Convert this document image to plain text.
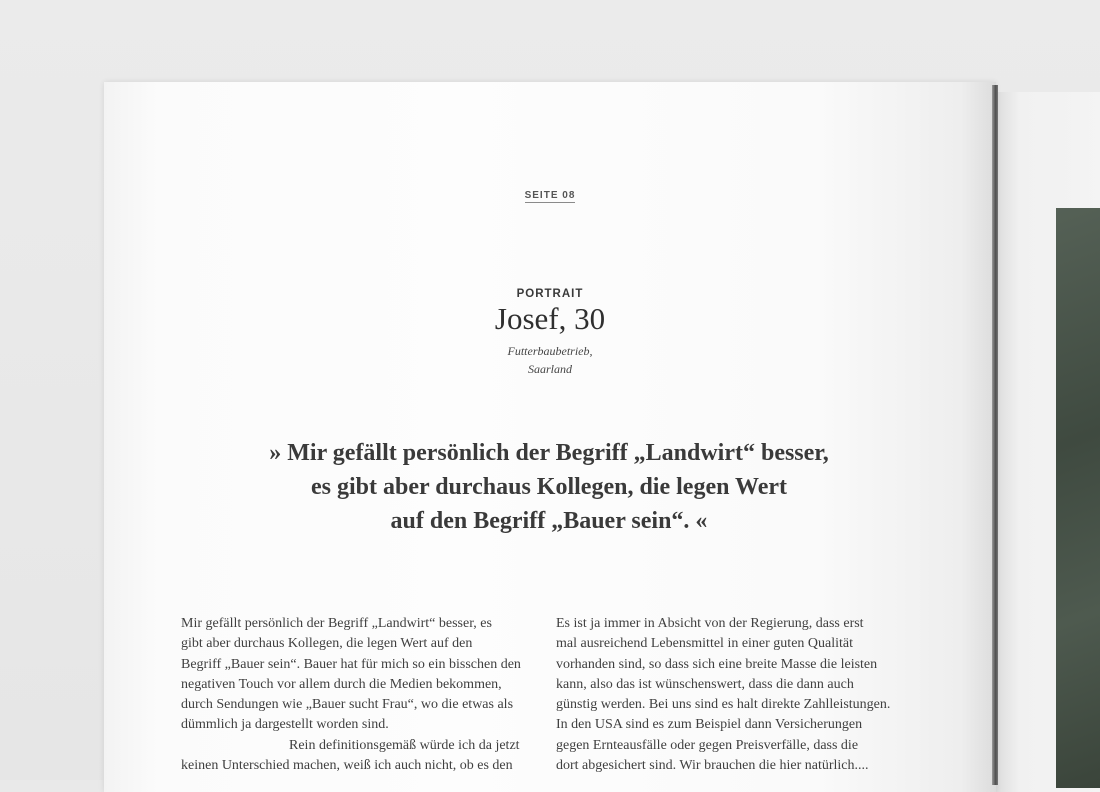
SEITE 08
PORTRAIT
Josef, 30
Futterbaubetrieb,
Saarland
» Mir gefällt persönlich der Begriff „Landwirt“ besser,
es gibt aber durchaus Kollegen, die legen Wert
auf den Begriff „Bauer sein“. «

Mir gefällt persönlich der Begriff „Landwirt“ besser, es

gibt aber durchaus Kollegen, die legen Wert auf den

Begriff „Bauer sein“. Bauer hat für mich so ein bisschen den

negativen Touch vor allem durch die Medien bekommen,

durch Sendungen wie „Bauer sucht Frau“, wo die etwas als

dümmlich ja dargestellt worden sind.

Rein definitionsgemäß würde ich da jetzt

keinen Unterschied machen, weiß ich auch nicht, ob es den

Es ist ja immer in Absicht von der Regierung, dass erst

mal ausreichend Lebensmittel in einer guten Qualität

vorhanden sind, so dass sich eine breite Masse die leisten

kann, also das ist wünschenswert, dass die dann auch

günstig werden. Bei uns sind es halt direkte Zahlleistungen.

In den USA sind es zum Beispiel dann Versicherungen

gegen Ernteausfälle oder gegen Preisverfälle, dass die

dort abgesichert sind. Wir brauchen die hier natürlich....
